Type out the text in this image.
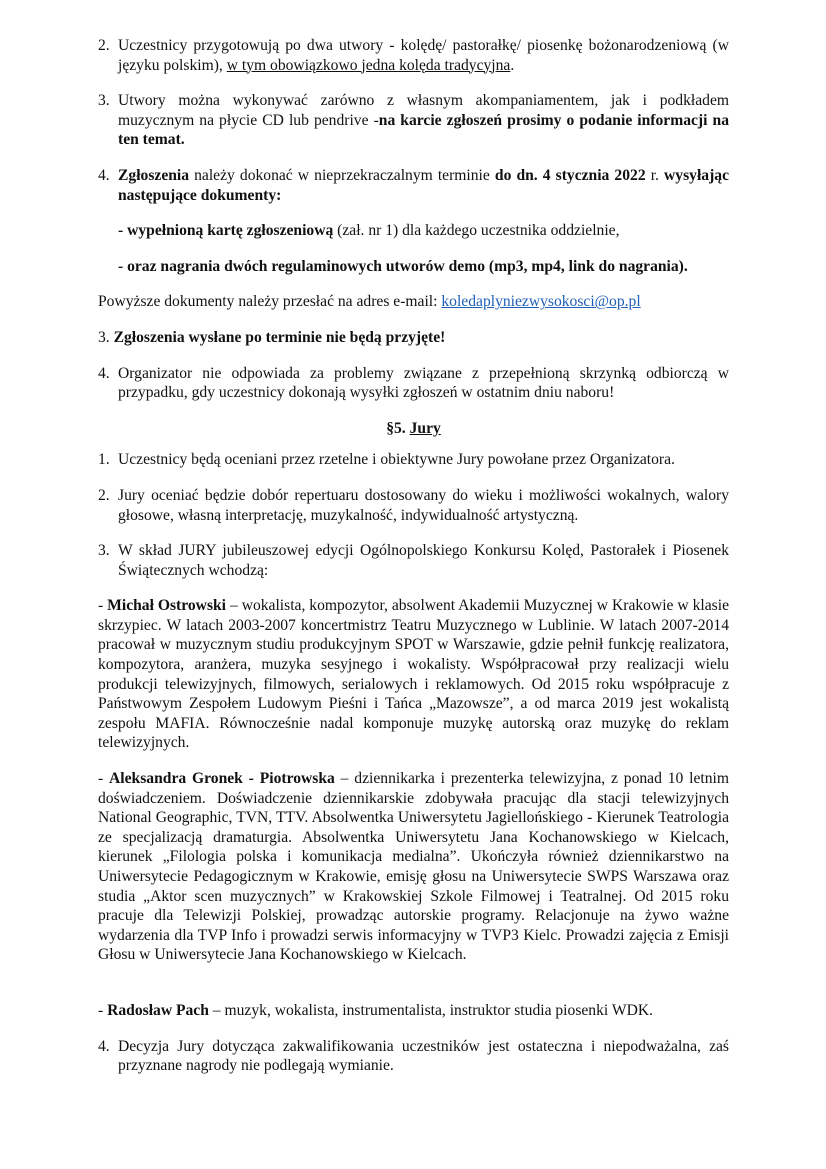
2. Uczestnicy przygotowują po dwa utwory - kolędę/ pastorałkę/ piosenkę bożonarodzeniową (w języku polskim), w tym obowiązkowo jedna kolęda tradycyjna.
3. Utwory można wykonywać zarówno z własnym akompaniamentem, jak i podkładem muzycznym na płycie CD lub pendrive -na karcie zgłoszeń prosimy o podanie informacji na ten temat.
4. Zgłoszenia należy dokonać w nieprzekraczalnym terminie do dn. 4 stycznia 2022 r. wysyłając następujące dokumenty:

- wypełnioną kartę zgłoszeniową (zał. nr 1) dla każdego uczestnika oddzielnie,

- oraz nagrania dwóch regulaminowych utworów demo (mp3, mp4, link do nagrania).

Powyższe dokumenty należy przesłać na adres e-mail: koledaplyniezwysokosci@op.pl

3. Zgłoszenia wysłane po terminie nie będą przyjęte!

4. Organizator nie odpowiada za problemy związane z przepełnioną skrzynką odbiorczą w przypadku, gdy uczestnicy dokonają wysyłki zgłoszeń w ostatnim dniu naboru!

§5. Jury

1. Uczestnicy będą oceniani przez rzetelne i obiektywne Jury powołane przez Organizatora.
2. Jury oceniać będzie dobór repertuaru dostosowany do wieku i możliwości wokalnych, walory głosowe, własną interpretację, muzykalność, indywidualność artystyczną.
3. W skład JURY jubileuszowej edycji Ogólnopolskiego Konkursu Kolęd, Pastorałek i Piosenek Świątecznych wchodzą:

- Michał Ostrowski – wokalista, kompozytor, absolwent Akademii Muzycznej w Krakowie w klasie skrzypiec. W latach 2003-2007 koncertmistrz Teatru Muzycznego w Lublinie. W latach 2007-2014 pracował w muzycznym studiu produkcyjnym SPOT w Warszawie, gdzie pełnił funkcję realizatora, kompozytora, aranżera, muzyka sesyjnego i wokalisty. Współpracował przy realizacji wielu produkcji telewizyjnych, filmowych, serialowych i reklamowych. Od 2015 roku współpracuje z Państwowym Zespołem Ludowym Pieśni i Tańca „Mazowsze”, a od marca 2019 jest wokalistą zespołu MAFIA. Równocześnie nadal komponuje muzykę autorską oraz muzykę do reklam telewizyjnych.

- Aleksandra Gronek - Piotrowska – dziennikarka i prezenterka telewizyjna, z ponad 10 letnim doświadczeniem. Doświadczenie dziennikarskie zdobywała pracując dla stacji telewizyjnych National Geographic, TVN, TTV. Absolwentka Uniwersytetu Jagiellońskiego - Kierunek Teatrologia ze specjalizacją dramaturgia. Absolwentka Uniwersytetu Jana Kochanowskiego w Kielcach, kierunek „Filologia polska i komunikacja medialna”. Ukończyła również dziennikarstwo na Uniwersytecie Pedagogicznym w Krakowie, emisję głosu na Uniwersytecie SWPS Warszawa oraz studia „Aktor scen muzycznych” w Krakowskiej Szkole Filmowej i Teatralnej. Od 2015 roku pracuje dla Telewizji Polskiej, prowadząc autorskie programy. Relacjonuje na żywo ważne wydarzenia dla TVP Info i prowadzi serwis informacyjny w TVP3 Kielc. Prowadzi zajęcia z Emisji Głosu w Uniwersytecie Jana Kochanowskiego w Kielcach.

- Radosław Pach – muzyk, wokalista, instrumentalista, instruktor studia piosenki WDK.

4. Decyzja Jury dotycząca zakwalifikowania uczestników jest ostateczna i niepodważalna, zaś przyznane nagrody nie podlegają wymianie.
